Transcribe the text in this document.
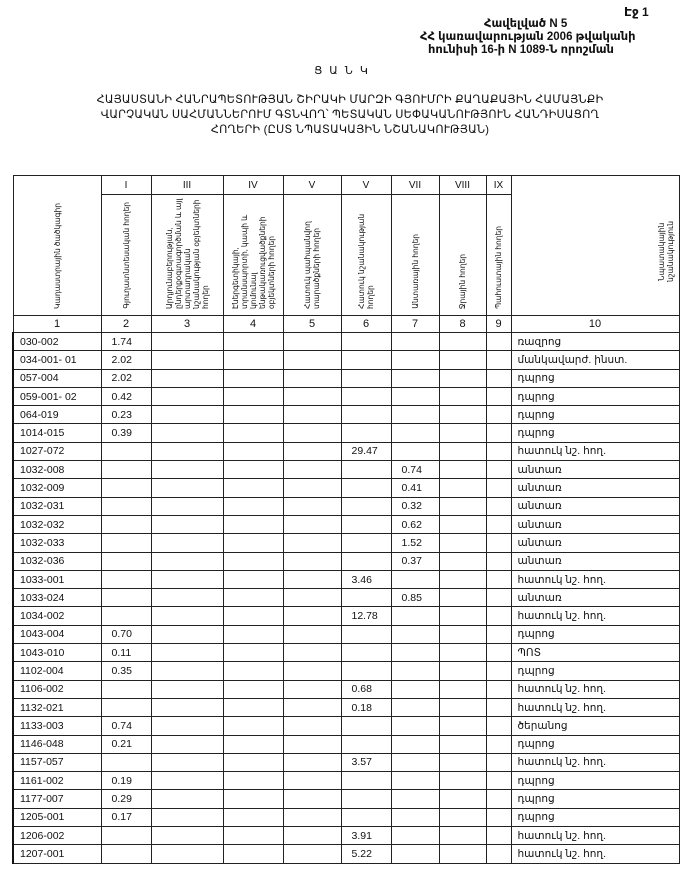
Էջ 1
Հավելված N 5
ՀՀ կառավարության 2006 թվականի
հունիսի 16-ի N 1089-Ն որոշման
Ց Ա Ն Կ
ՀԱՅԱՍՏԱՆԻ ՀԱՆՐԱՊԵՏՈՒԹՅԱՆ ՇԻՐԱԿԻ ՄԱՐԶԻ ԳՅՈՒՄՐԻ ՔԱՂԱՔԱՅԻՆ ՀԱՄԱՅՆՔԻ
ՎԱՐՉԱԿԱՆ ՍԱՀՄԱՆՆԵՐՈՒՄ ԳՏՆՎՈՂ՝ ՊԵՏԱԿԱՆ ՍԵՓԱԿԱՆՈՒԹՅՈՒՆ ՀԱՆԴԻՍԱՑՈՂ
ՀՈՂԵՐԻ (ԸՍՏ ՆՊԱՏԱԿԱՅԻՆ ՆՇԱՆԱԿՈՒԹՅԱՆ)
Կադաստրային ծածկագիր	I	III	IV	V	V	VII	VIII	IX	Նպատակային նշանակություն

	Գյուղատնտեսական հողեր	Արդյունաբերության, ընդերքօգտագործման և այլ արտադրական նշանակության օբյեկտների հողեր	Էներգետիկայի, տրանսպորտի, կապի և կոմունալ ենթակառուցվածքների օբյեկտների հողեր	Հատուկ պահպանվող տարածքների հողեր	Հատուկ նշանակության հողեր	Անտառային հողեր	Ջրային հողեր	Պահուստային հողեր	

1	2	3	4	5	6	7	8	9	10
030-002	1.74								ռազրոց
034-001- 01	2.02								մանկավարժ. ինստ.
057-004	2.02								դպրոց
059-001- 02	0.42								դպրոց
064-019	0.23								դպրոց
1014-015	0.39								դպրոց
1027-072					29.47				հատուկ նշ. հող.
1032-008						0.74			անտառ
1032-009						0.41			անտառ
1032-031						0.32			անտառ
1032-032						0.62			անտառ
1032-033						1.52			անտառ
1032-036						0.37			անտառ
1033-001					3.46				հատուկ նշ. հող.
1033-024						0.85			անտառ
1034-002					12.78				հատուկ նշ. հող.
1043-004	0.70								դպրոց
1043-010	0.11								ՊՈՏ
1102-004	0.35								դպրոց
1106-002					0.68				հատուկ նշ. հող.
1132-021					0.18				հատուկ նշ. հող.
1133-003	0.74								ծերանոց
1146-048	0.21								դպրոց
1157-057					3.57				հատուկ նշ. հող.
1161-002	0.19								դպրոց
1177-007	0.29								դպրոց
1205-001	0.17								դպրոց
1206-002					3.91				հատուկ նշ. հող.
1207-001					5.22				հատուկ նշ. հող.
